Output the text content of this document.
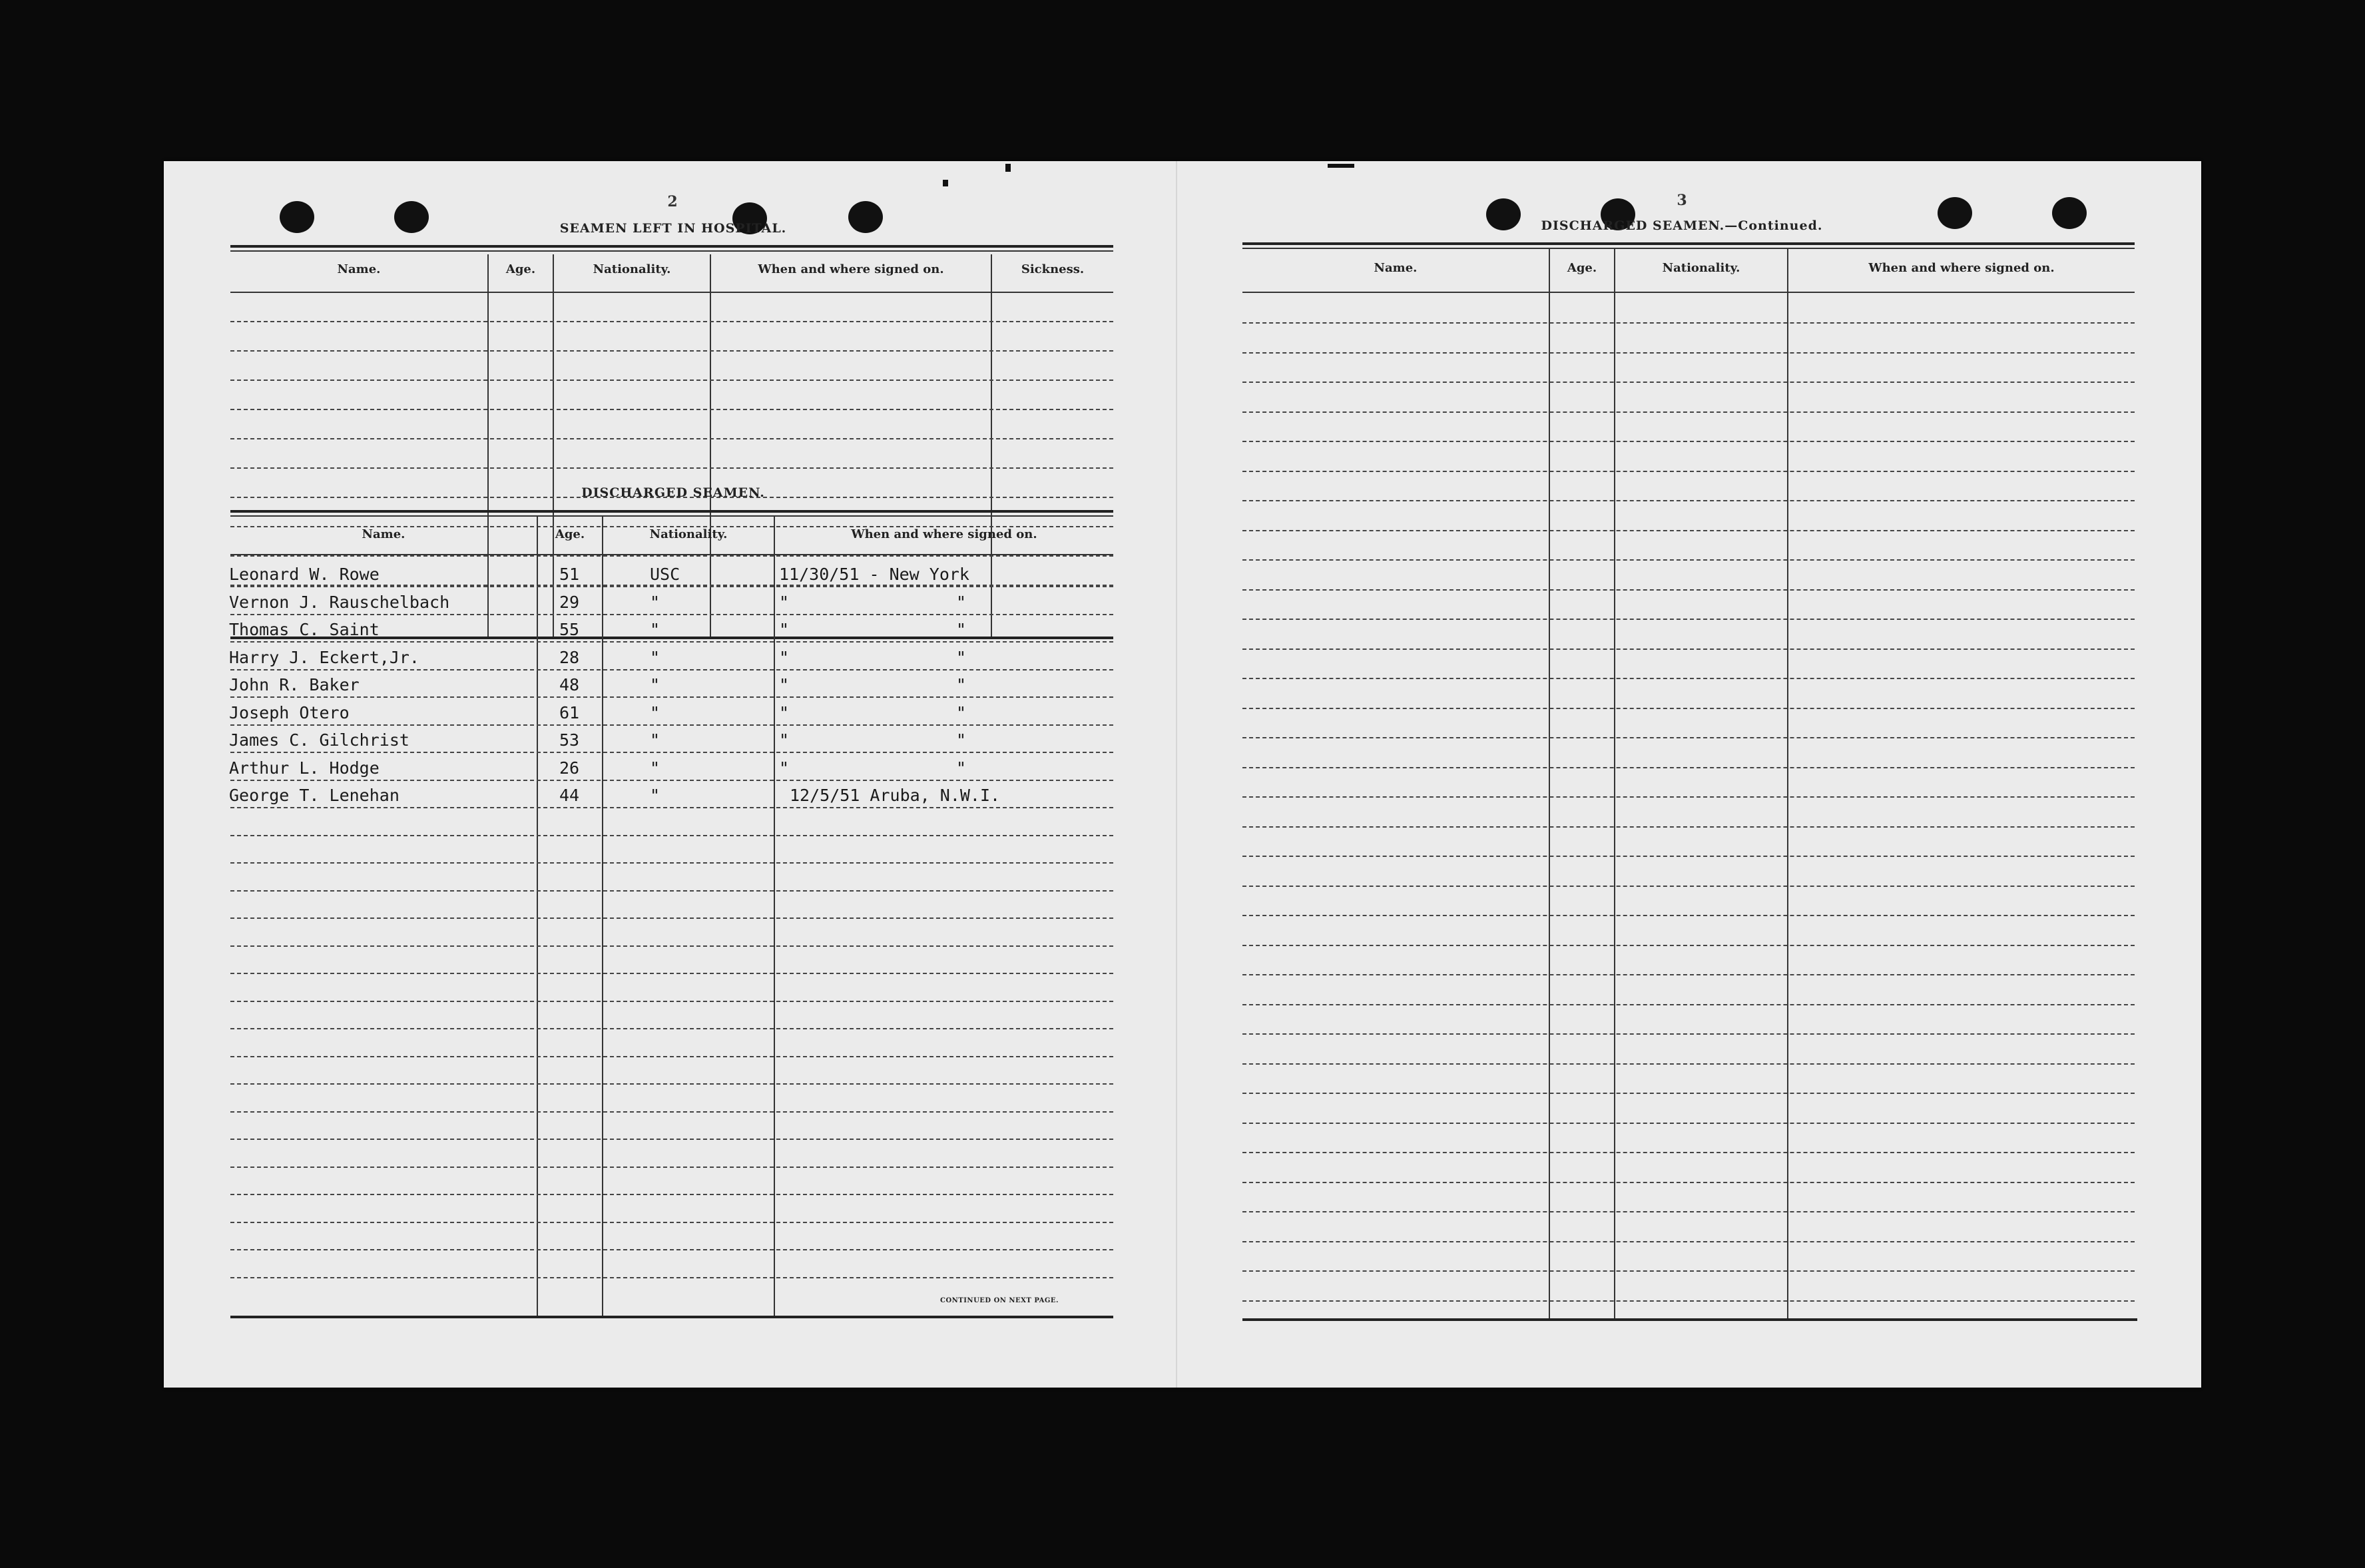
2
SEAMEN LEFT IN HOSPITAL.
Name.	Age.	Nationality.	When and where signed on.	Sickness.
DISCHARGED SEAMEN.
Name.	Age.	Nationality.	When and where signed on.
Leonard W. Rowe	51	USC	11/30/51 - New York
Vernon J. Rauschelbach	29	"	"	"
Thomas C. Saint	55	"	"	"
Harry J. Eckert,Jr.	28	"	"	"
John R. Baker	48	"	"	"
Joseph Otero	61	"	"	"
James C. Gilchrist	53	"	"	"
Arthur L. Hodge	26	"	"	"
George T. Lenehan	44	"	12/5/51 Aruba, N.W.I.
CONTINUED ON NEXT PAGE.
3
DISCHARGED SEAMEN.—Continued.
Name.	Age.	Nationality.	When and where signed on.
